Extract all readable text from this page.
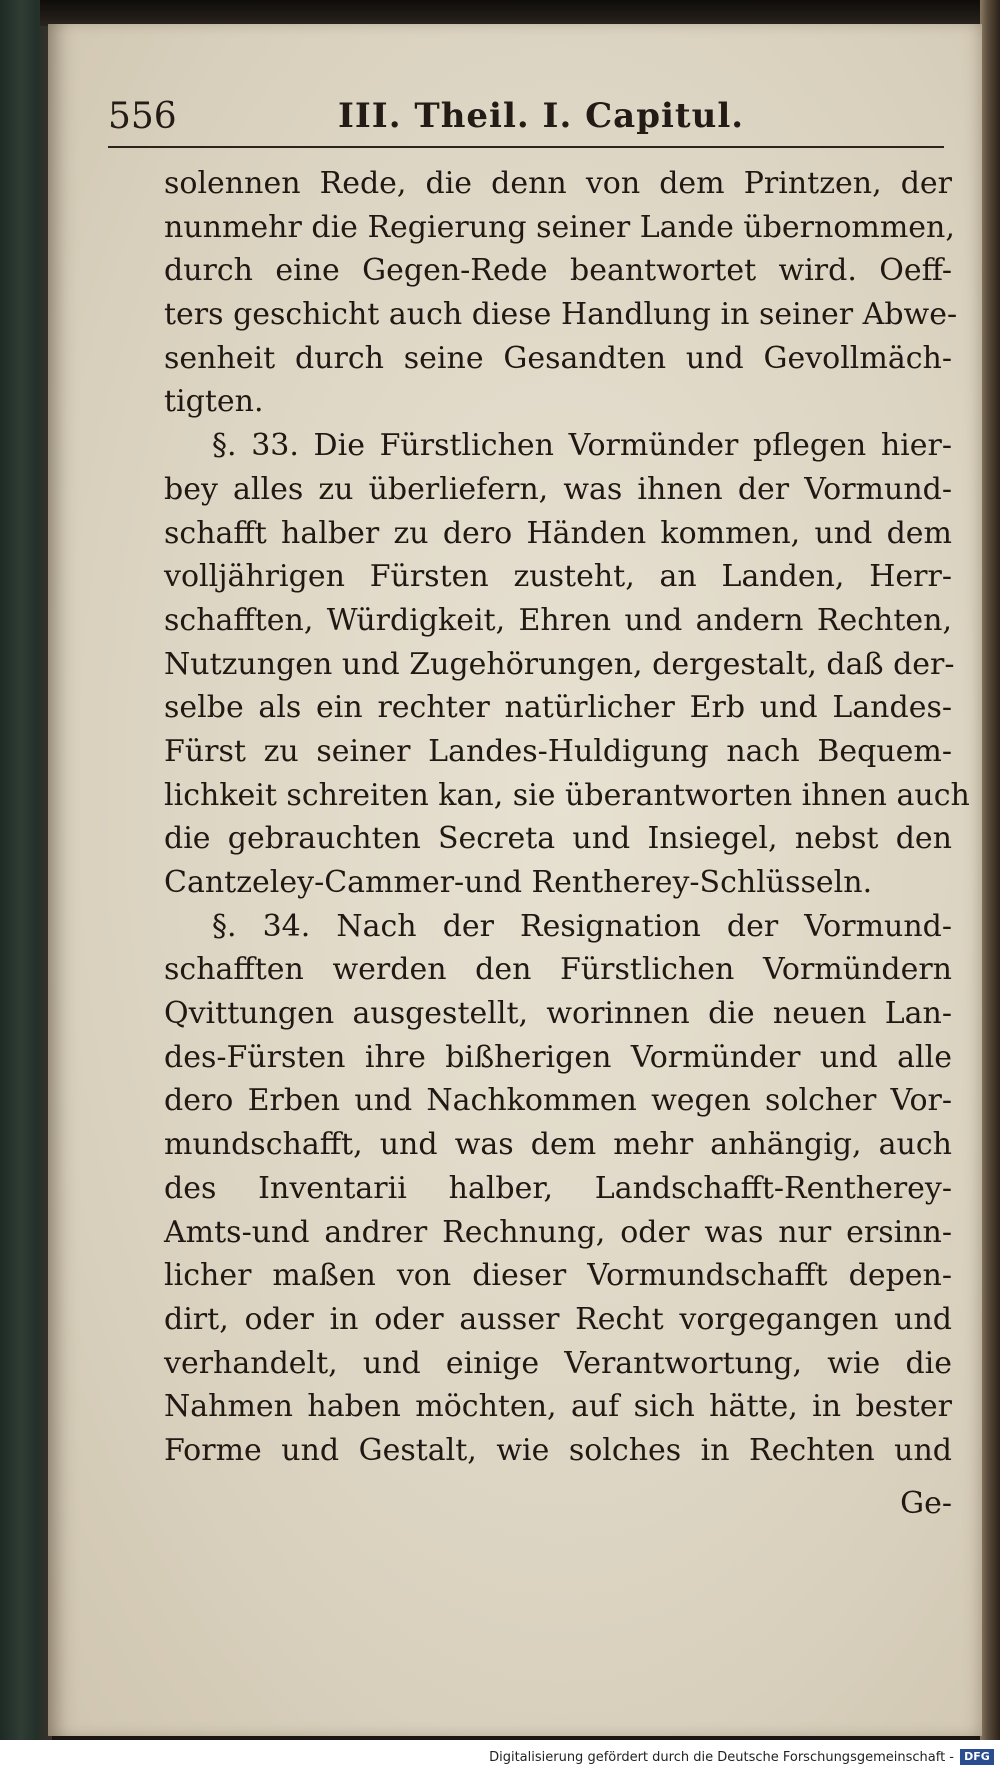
556	III. Theil. I. Capitul.
solennen Rede, die denn von dem Printzen, der
nunmehr die Regierung seiner Lande übernommen,
durch eine Gegen-Rede beantwortet wird. Oeff-
ters geschicht auch diese Handlung in seiner Abwe-
senheit durch seine Gesandten und Gevollmäch-
tigten.
§. 33. Die Fürstlichen Vormünder pflegen hier-
bey alles zu überliefern, was ihnen der Vormund-
schafft halber zu dero Händen kommen, und dem
volljährigen Fürsten zusteht, an Landen, Herr-
schafften, Würdigkeit, Ehren und andern Rechten,
Nutzungen und Zugehörungen, dergestalt, daß der-
selbe als ein rechter natürlicher Erb und Landes-
Fürst zu seiner Landes-Huldigung nach Bequem-
lichkeit schreiten kan, sie überantworten ihnen auch
die gebrauchten Secreta und Insiegel, nebst den
Cantzeley-Cammer-und Rentherey-Schlüsseln.
§. 34. Nach der Resignation der Vormund-
schafften werden den Fürstlichen Vormündern
Qvittungen ausgestellt, worinnen die neuen Lan-
des-Fürsten ihre bißherigen Vormünder und alle
dero Erben und Nachkommen wegen solcher Vor-
mundschafft, und was dem mehr anhängig, auch
des Inventarii halber, Landschafft-Rentherey-
Amts-und andrer Rechnung, oder was nur ersinn-
licher maßen von dieser Vormundschafft depen-
dirt, oder in oder ausser Recht vorgegangen und
verhandelt, und einige Verantwortung, wie die
Nahmen haben möchten, auf sich hätte, in bester
Forme und Gestalt, wie solches in Rechten und
Ge-
Digitalisierung gefördert durch die Deutsche Forschungsgemeinschaft - DFG
